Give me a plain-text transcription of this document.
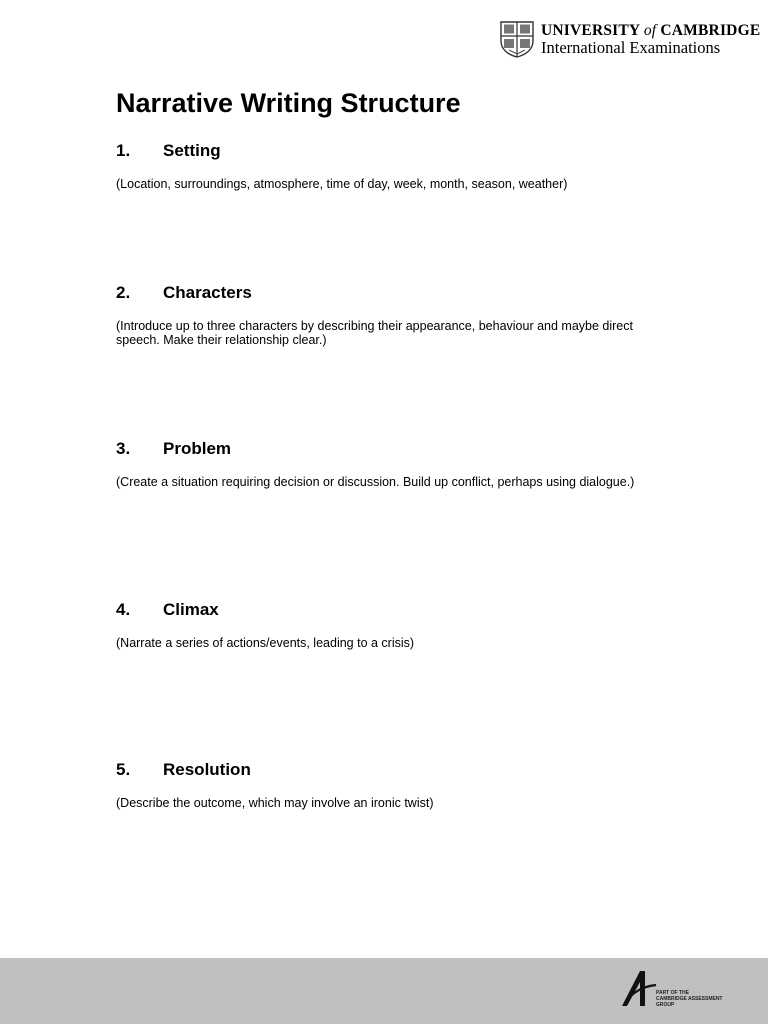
UNIVERSITY of CAMBRIDGE
International Examinations
Narrative Writing Structure
1. Setting
(Location, surroundings, atmosphere, time of day, week, month, season, weather)
2. Characters
(Introduce up to three characters by describing their appearance, behaviour and maybe direct speech. Make their relationship clear.)
3. Problem
(Create a situation requiring decision or discussion. Build up conflict, perhaps using dialogue.)
4. Climax
(Narrate a series of actions/events, leading to a crisis)
5. Resolution
(Describe the outcome, which may involve an ironic twist)
PART OF THE
CAMBRIDGE ASSESSMENT
GROUP
